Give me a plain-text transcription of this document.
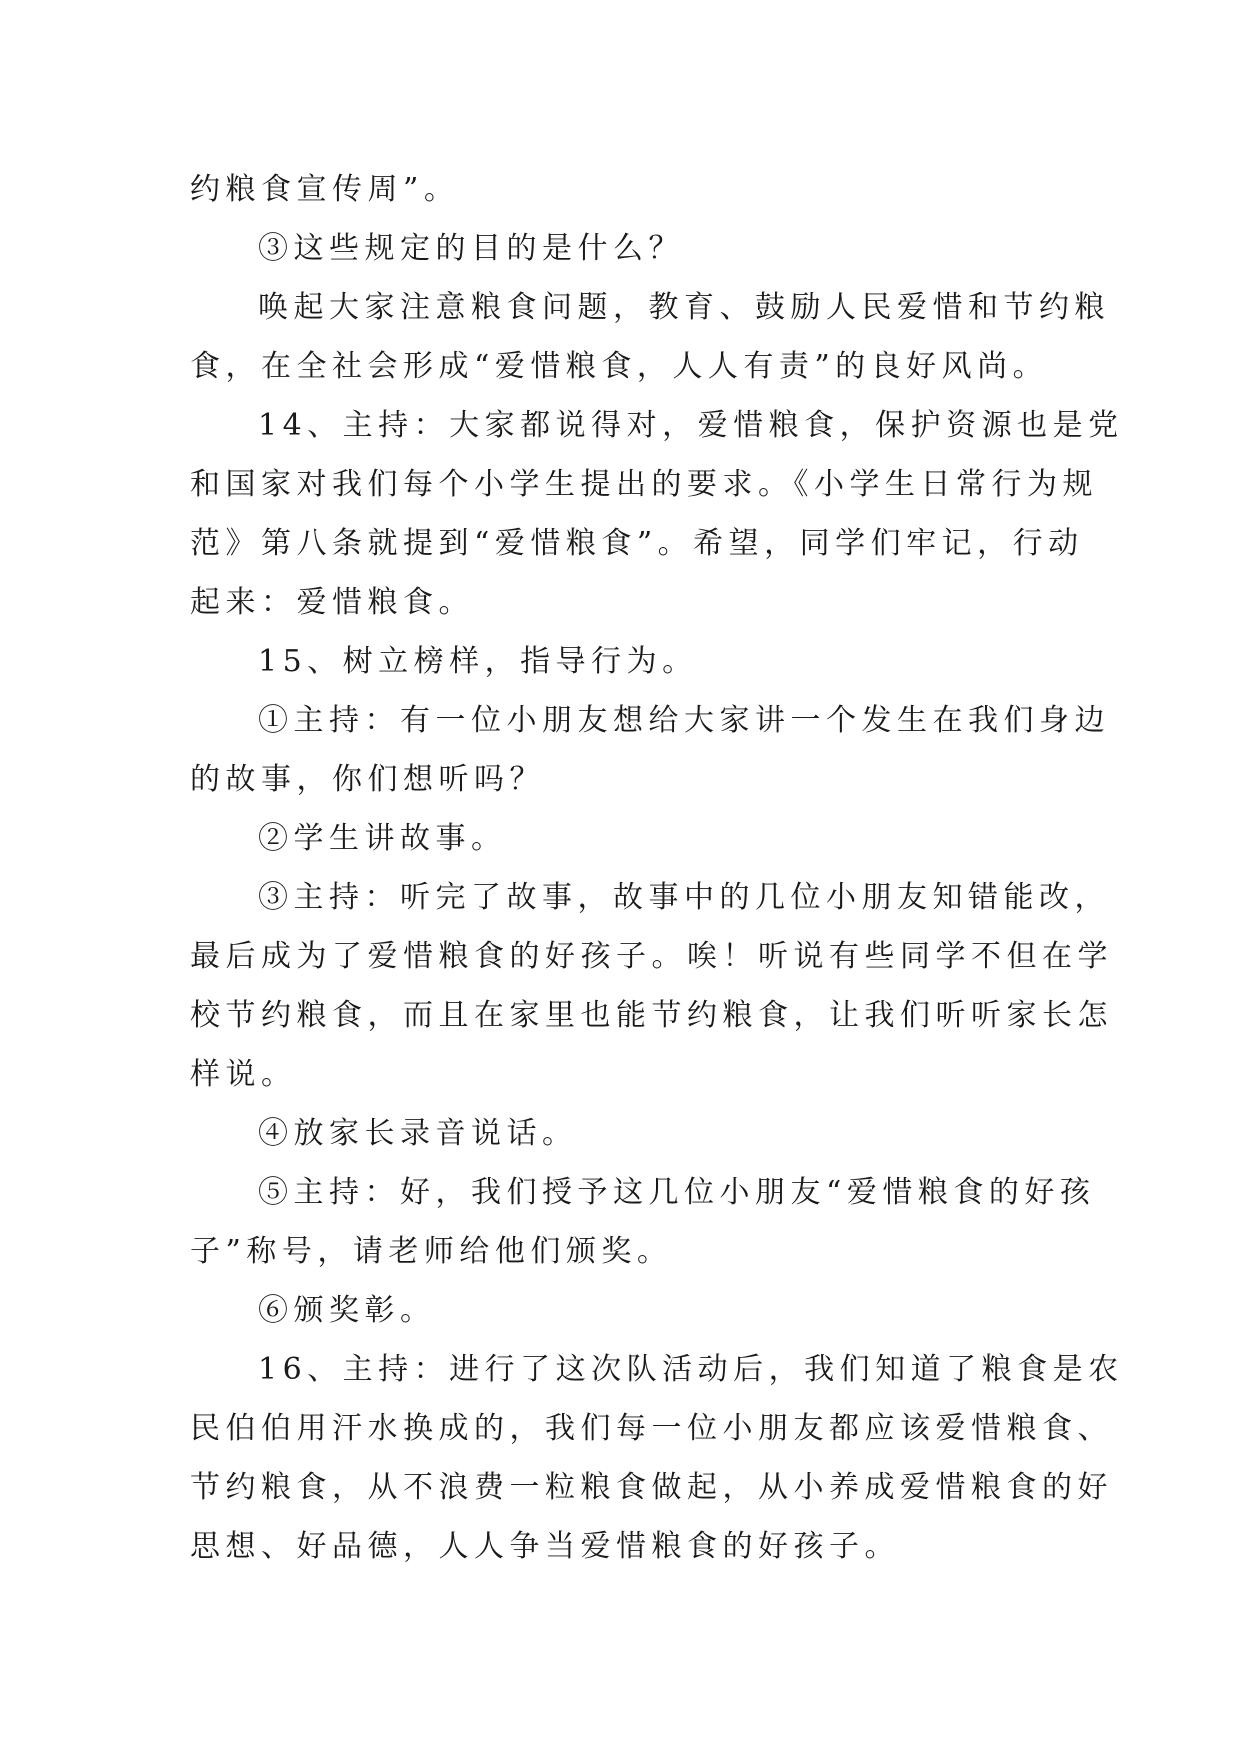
约粮食宣传周”。
③这些规定的目的是什么？
唤起大家注意粮食问题，教育、鼓励人民爱惜和节约粮
食，在全社会形成“爱惜粮食，人人有责”的良好风尚。
14、主持：大家都说得对，爱惜粮食，保护资源也是党
和国家对我们每个小学生提出的要求。《小学生日常行为规
范》第八条就提到“爱惜粮食”。希望，同学们牢记，行动
起来：爱惜粮食。
15、树立榜样，指导行为。
①主持：有一位小朋友想给大家讲一个发生在我们身边
的故事，你们想听吗？
②学生讲故事。
③主持：听完了故事，故事中的几位小朋友知错能改，
最后成为了爱惜粮食的好孩子。唉！听说有些同学不但在学
校节约粮食，而且在家里也能节约粮食，让我们听听家长怎
样说。
④放家长录音说话。
⑤主持：好，我们授予这几位小朋友“爱惜粮食的好孩
子”称号，请老师给他们颁奖。
⑥颁奖彰。
16、主持：进行了这次队活动后，我们知道了粮食是农
民伯伯用汗水换成的，我们每一位小朋友都应该爱惜粮食、
节约粮食，从不浪费一粒粮食做起，从小养成爱惜粮食的好
思想、好品德，人人争当爱惜粮食的好孩子。
